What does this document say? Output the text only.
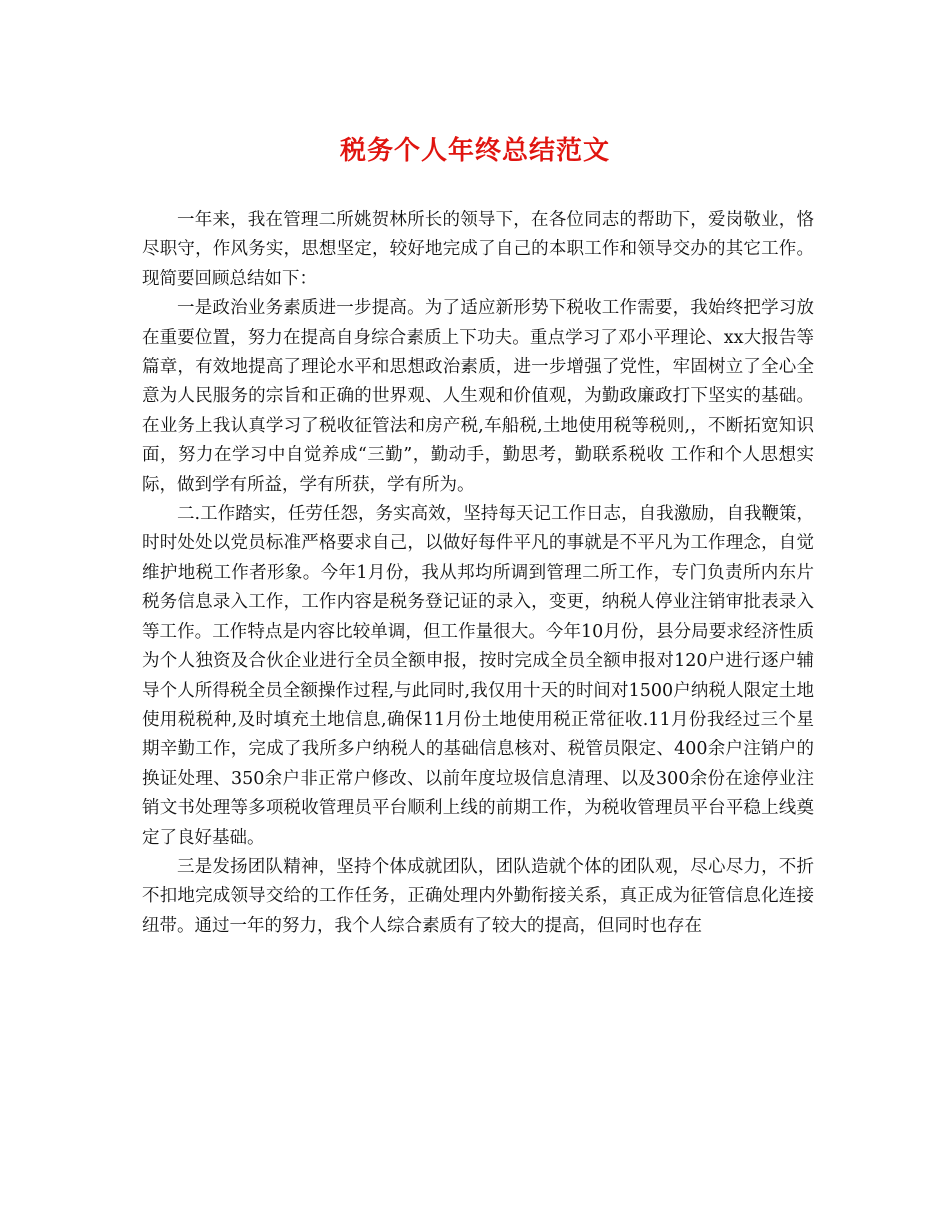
税务个人年终总结范文

一年来，我在管理二所姚贺林所长的领导下，在各位同志的帮助下，爱岗敬业，恪尽职守，作风务实，思想坚定，较好地完成了自己的本职工作和领导交办的其它工作。现简要回顾总结如下：

一是政治业务素质进一步提高。为了适应新形势下税收工作需要，我始终把学习放在重要位置，努力在提高自身综合素质上下功夫。重点学习了邓小平理论、xx大报告等篇章，有效地提高了理论水平和思想政治素质，进一步增强了党性，牢固树立了全心全意为人民服务的宗旨和正确的世界观、人生观和价值观，为勤政廉政打下坚实的基础。在业务上我认真学习了税收征管法和房产税,车船税,土地使用税等税则,，不断拓宽知识面，努力在学习中自觉养成“三勤”，勤动手，勤思考，勤联系税收 工作和个人思想实际，做到学有所益，学有所获，学有所为。

二.工作踏实，任劳任怨，务实高效，坚持每天记工作日志，自我激励，自我鞭策，时时处处以党员标准严格要求自己，以做好每件平凡的事就是不平凡为工作理念，自觉维护地税工作者形象。今年1月份，我从邦均所调到管理二所工作，专门负责所内东片税务信息录入工作，工作内容是税务登记证的录入，变更，纳税人停业注销审批表录入等工作。工作特点是内容比较单调，但工作量很大。今年10月份，县分局要求经济性质为个人独资及合伙企业进行全员全额申报，按时完成全员全额申报对120户进行逐户辅导个人所得税全员全额操作过程,与此同时,我仅用十天的时间对1500户纳税人限定土地使用税税种,及时填充土地信息,确保11月份土地使用税正常征收.11月份我经过三个星期辛勤工作，完成了我所多户纳税人的基础信息核对、税管员限定、400余户注销户的换证处理、350余户非正常户修改、以前年度垃圾信息清理、以及300余份在途停业注销文书处理等多项税收管理员平台顺利上线的前期工作，为税收管理员平台平稳上线奠定了良好基础。

三是发扬团队精神，坚持个体成就团队，团队造就个体的团队观，尽心尽力，不折不扣地完成领导交给的工作任务，正确处理内外勤衔接关系，真正成为征管信息化连接纽带。通过一年的努力，我个人综合素质有了较大的提高，但同时也存在
